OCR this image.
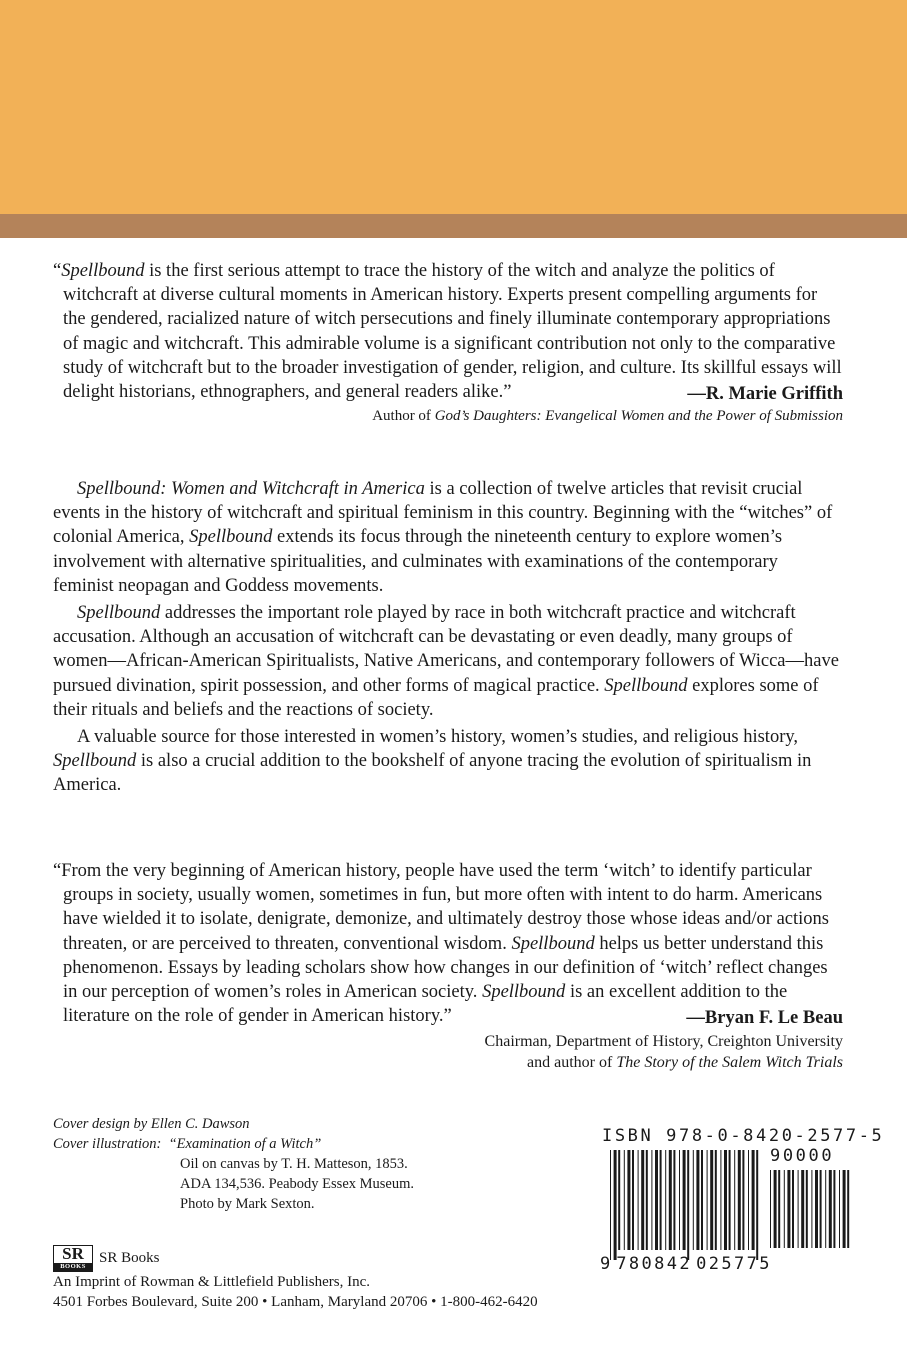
“Spellbound is the first serious attempt to trace the history of the witch and analyze the politics of witchcraft at diverse cultural moments in American history. Experts present compelling arguments for the gendered, racialized nature of witch persecutions and finely illuminate contemporary appropriations of magic and witchcraft. This admirable volume is a significant contribution not only to the comparative study of witchcraft but to the broader investigation of gender, religion, and culture. Its skillful essays will delight historians, ethnographers, and general readers alike.”	—R. Marie Griffith
Author of God’s Daughters: Evangelical Women and the Power of Submission

Spellbound: Women and Witchcraft in America is a collection of twelve articles that revisit crucial events in the history of witchcraft and spiritual feminism in this country. Beginning with the “witches” of colonial America, Spellbound extends its focus through the nineteenth century to explore women’s involvement with alternative spiritualities, and culminates with examinations of the contemporary feminist neopagan and Goddess movements.

Spellbound addresses the important role played by race in both witchcraft practice and witchcraft accusation. Although an accusation of witchcraft can be devastating or even deadly, many groups of women—African-American Spiritualists, Native Americans, and contemporary followers of Wicca—have pursued divination, spirit possession, and other forms of magical practice. Spellbound explores some of their rituals and beliefs and the reactions of society.

A valuable source for those interested in women’s history, women’s studies, and religious history, Spellbound is also a crucial addition to the bookshelf of anyone tracing the evolution of spiritualism in America.

“From the very beginning of American history, people have used the term ‘witch’ to identify particular groups in society, usually women, sometimes in fun, but more often with intent to do harm. Americans have wielded it to isolate, denigrate, demonize, and ultimately destroy those whose ideas and/or actions threaten, or are perceived to threaten, conventional wisdom. Spellbound helps us better understand this phenomenon. Essays by leading scholars show how changes in our definition of ‘witch’ reflect changes in our perception of women’s roles in American society. Spellbound is an excellent addition to the literature on the role of gender in American history.”	—Bryan F. Le Beau
Chairman, Department of History, Creighton University
and author of The Story of the Salem Witch Trials
Cover design by Ellen C. Dawson
Cover illustration: “Examination of a Witch”
Oil on canvas by T. H. Matteson, 1853.
ADA 134,536. Peabody Essex Museum.
Photo by Mark Sexton.
SR
BOOKS
SR Books
An Imprint of Rowman & Littlefield Publishers, Inc.
4501 Forbes Boulevard, Suite 200 • Lanham, Maryland 20706 • 1-800-462-6420
ISBN 978-0-8420-2577-5
90000
9 780842 025775
